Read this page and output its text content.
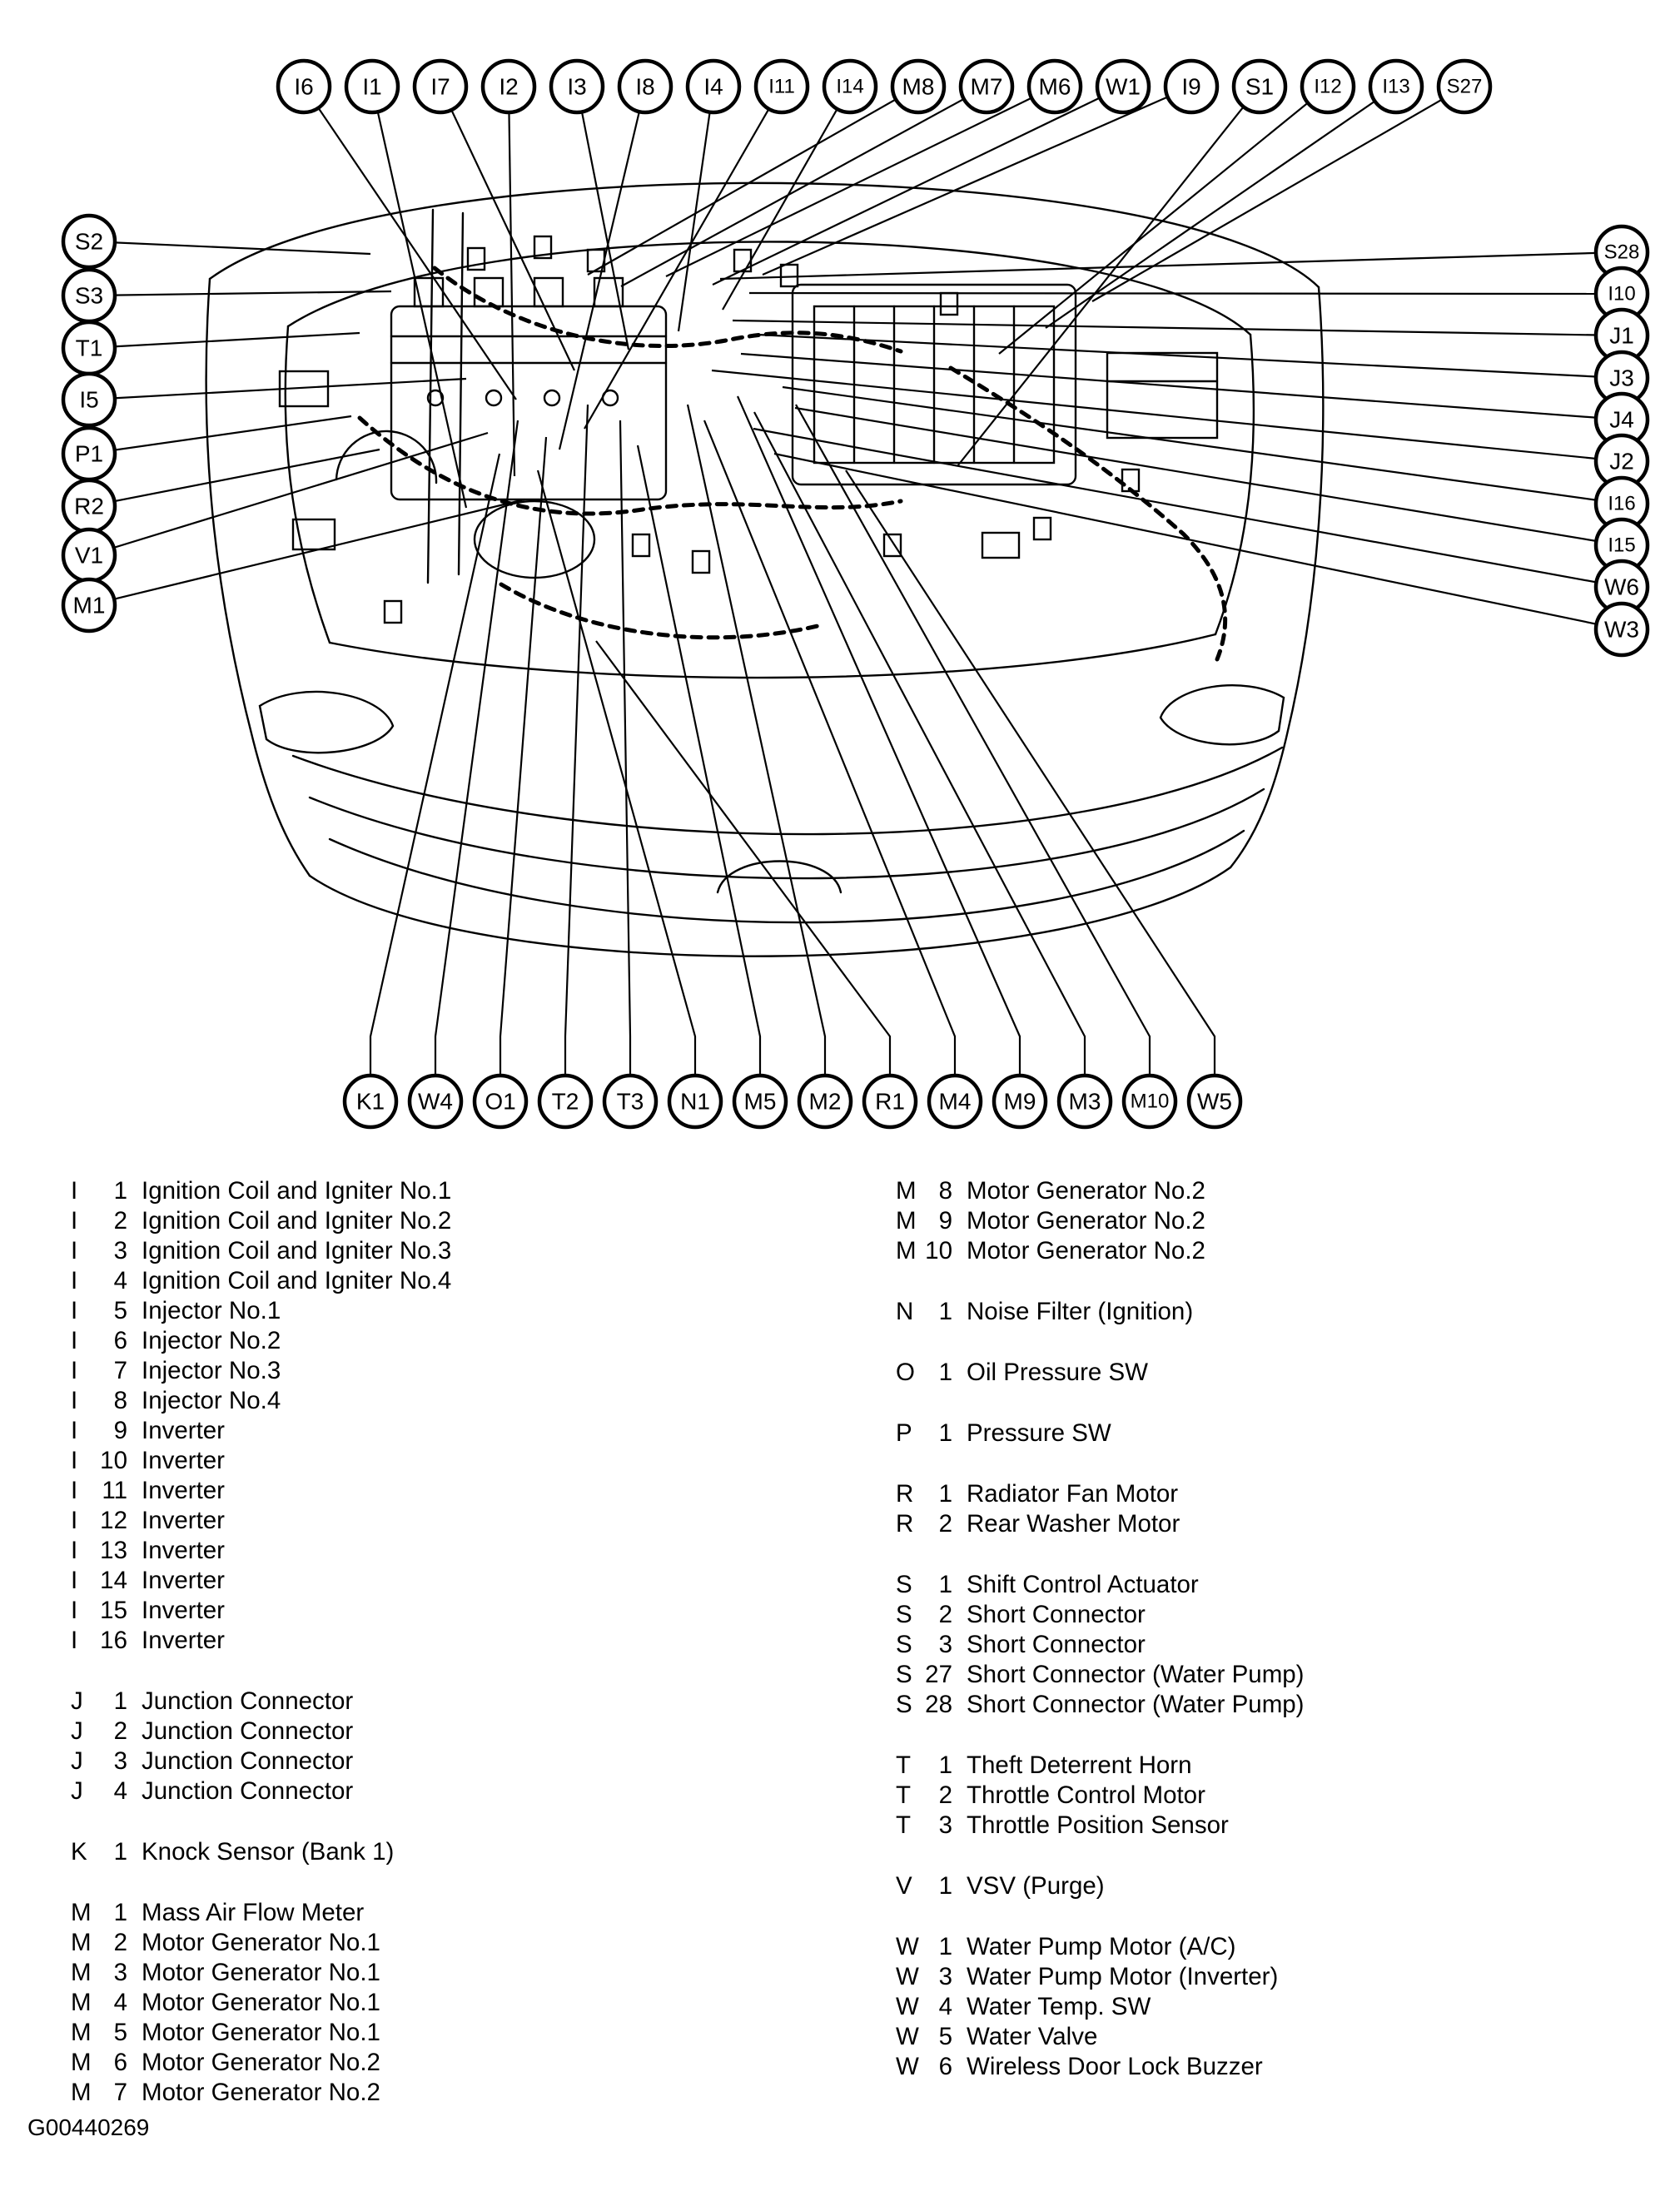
I6 I1 I7 I2 I3 I8 I4 I11 I14 M8 M7 M6 W1 I9 S1 I12 I13 S27
S2
S3
T1
I5
P1
R2
V1
M1
S28
I10
J1
J3
J4
J2
I16
I15
W6
W3
K1 W4 O1 T2 T3 N1 M5 M2 R1 M4 M9 M3 M10 W5
I 1 Ignition Coil and Igniter No.1
I 2 Ignition Coil and Igniter No.2
I 3 Ignition Coil and Igniter No.3
I 4 Ignition Coil and Igniter No.4
I 5 Injector No.1
I 6 Injector No.2
I 7 Injector No.3
I 8 Injector No.4
I 9 Inverter
I 10 Inverter
I 11 Inverter
I 12 Inverter
I 13 Inverter
I 14 Inverter
I 15 Inverter
I 16 Inverter
J 1 Junction Connector
J 2 Junction Connector
J 3 Junction Connector
J 4 Junction Connector
K 1 Knock Sensor (Bank 1)
M 1 Mass Air Flow Meter
M 2 Motor Generator No.1
M 3 Motor Generator No.1
M 4 Motor Generator No.1
M 5 Motor Generator No.1
M 6 Motor Generator No.2
M 7 Motor Generator No.2
M 8 Motor Generator No.2
M 9 Motor Generator No.2
M 10 Motor Generator No.2
N 1 Noise Filter (Ignition)
O 1 Oil Pressure SW
P 1 Pressure SW
R 1 Radiator Fan Motor
R 2 Rear Washer Motor
S 1 Shift Control Actuator
S 2 Short Connector
S 3 Short Connector
S 27 Short Connector (Water Pump)
S 28 Short Connector (Water Pump)
T 1 Theft Deterrent Horn
T 2 Throttle Control Motor
T 3 Throttle Position Sensor
V 1 VSV (Purge)
W 1 Water Pump Motor (A/C)
W 3 Water Pump Motor (Inverter)
W 4 Water Temp. SW
W 5 Water Valve
W 6 Wireless Door Lock Buzzer
G00440269
